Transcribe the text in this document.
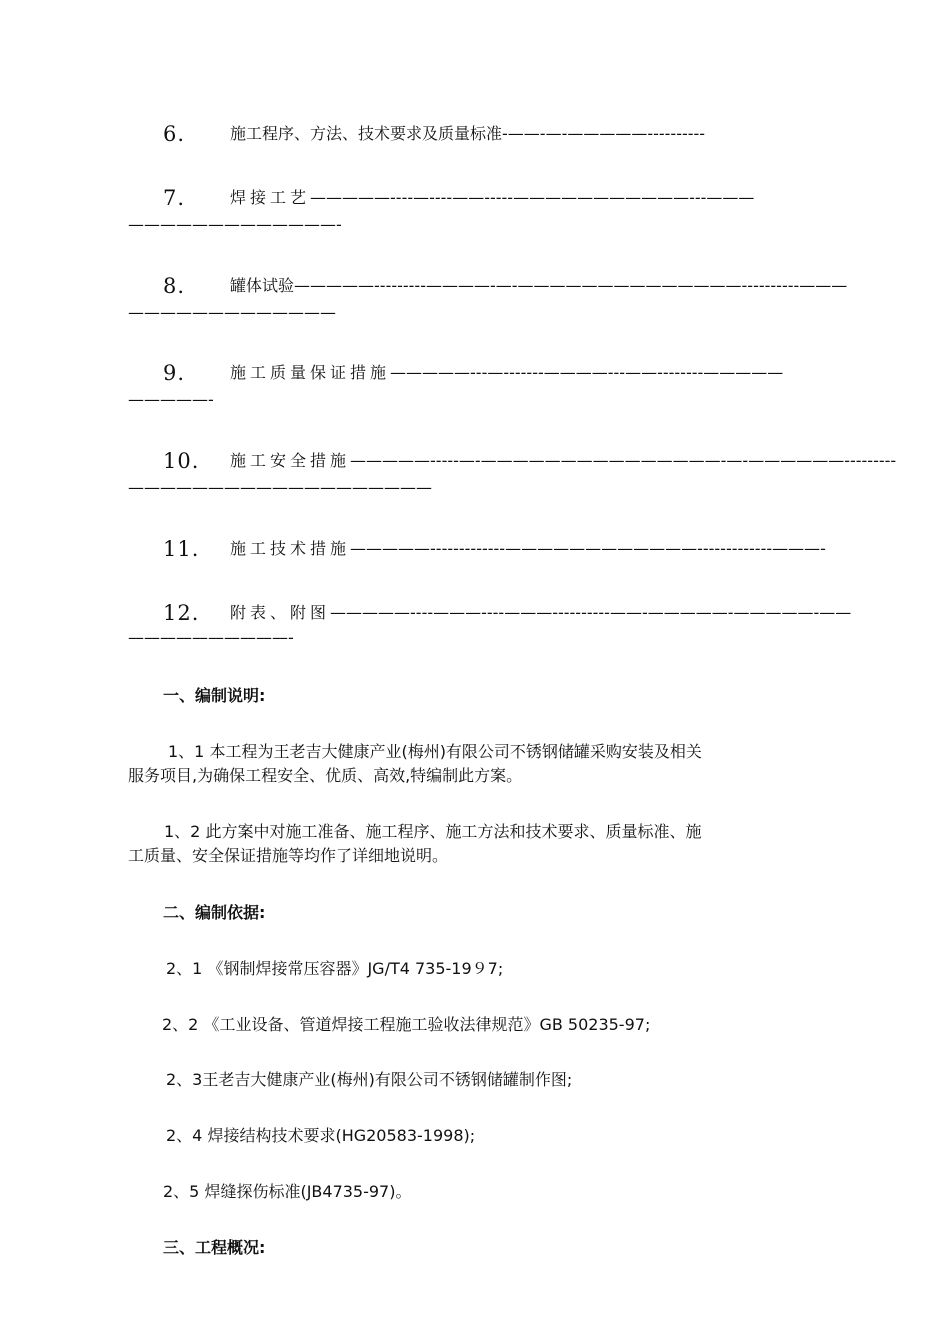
6.	施工程序、方法、技术要求及质量标准-——-—-—————----------
7.	焊接工艺—————----—----——-----———————————---———
—————————————-
8.	罐体试验—————---------————-—-——————————————----------———
—————————————
9.	施工质量保证措施—————---—-------————---——--------—————
—————-
10. 施工安全措施—————-----—-———————————————-—-——————---------
———————————————————
11. 施工技术措施—————-------------————————————-------------———-
12. 附表、附图—————----———----———----------——-—————-—————-——
——————————-
一、编制说明:
1、1 本工程为王老吉大健康产业(梅州)有限公司不锈钢储罐采购安装及相关
服务项目,为确保工程安全、优质、高效,特编制此方案。
1、2 此方案中对施工准备、施工程序、施工方法和技术要求、质量标准、施
工质量、安全保证措施等均作了详细地说明。
二、编制依据:
2、1 《钢制焊接常压容器》JG/T4 735-19９7;
2、2 《工业设备、管道焊接工程施工验收法律规范》GB 50235-97;
2、3王老吉大健康产业(梅州)有限公司不锈钢储罐制作图;
2、4 焊接结构技术要求(HG20583-1998);
2、5 焊缝探伤标准(JB4735-97)。
三、工程概况:
